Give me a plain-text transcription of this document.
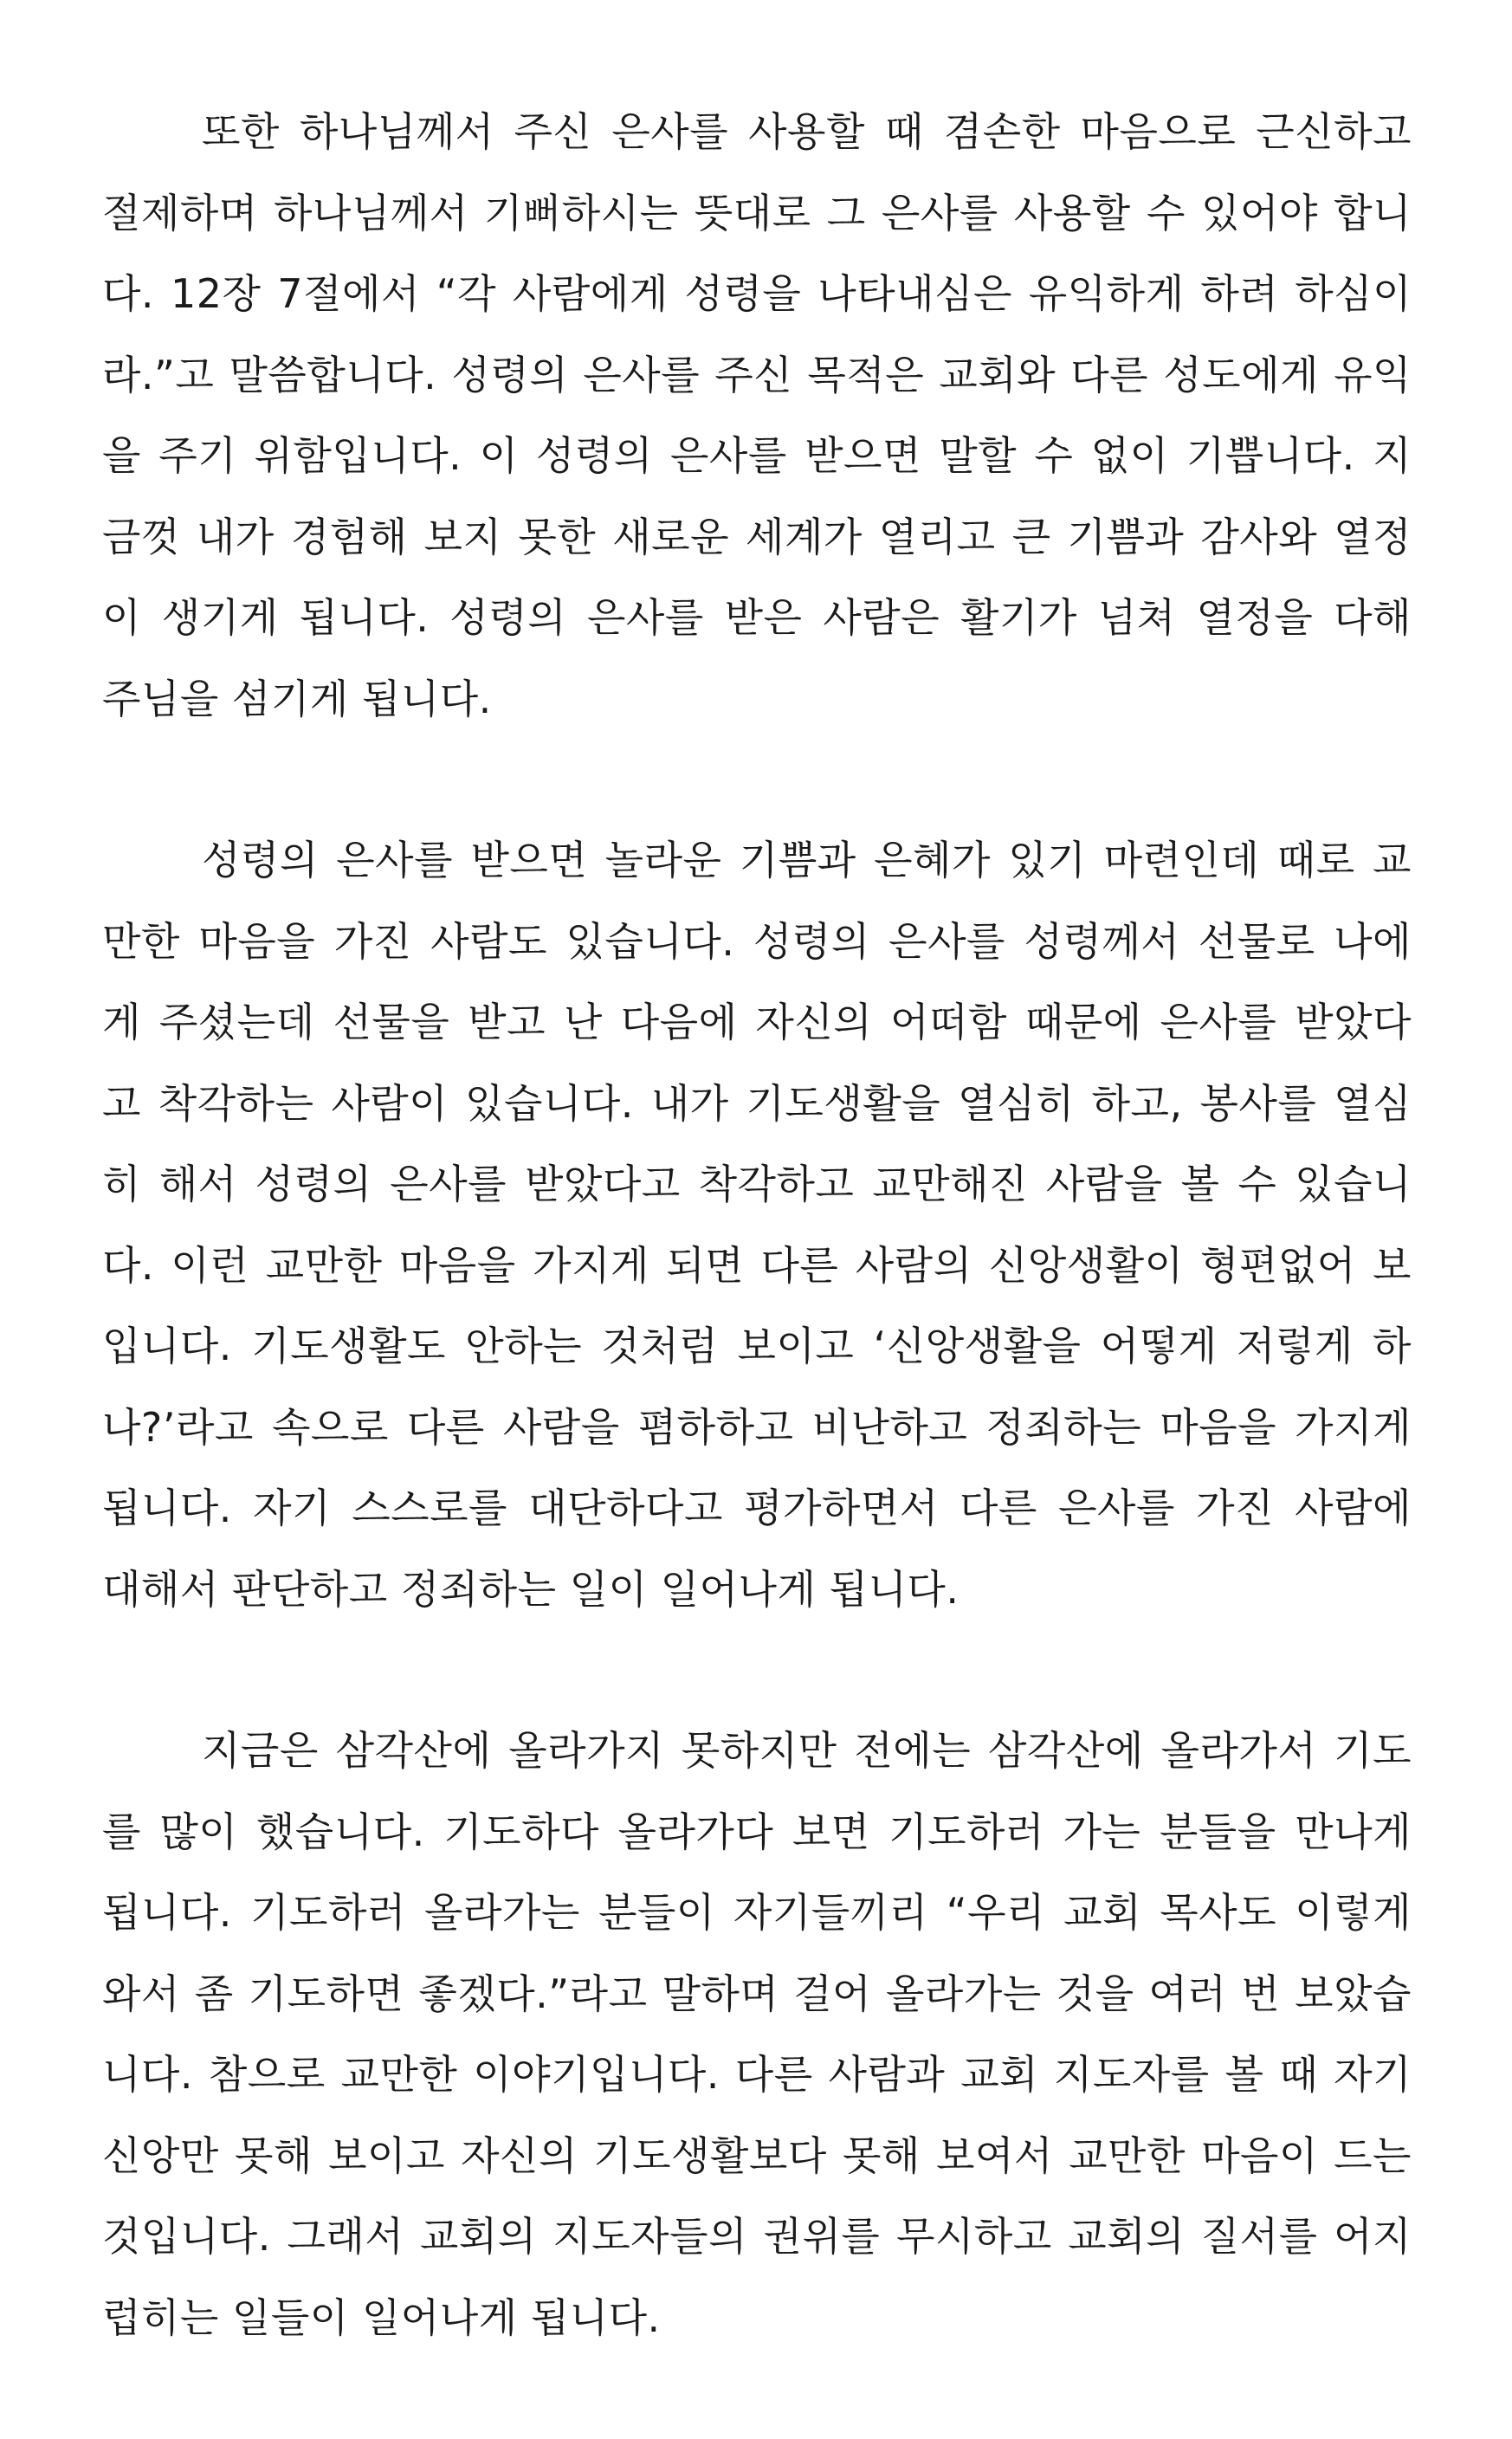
또한 하나님께서 주신 은사를 사용할 때 겸손한 마음으로 근신하고
절제하며 하나님께서 기뻐하시는 뜻대로 그 은사를 사용할 수 있어야 합니
다. 12장 7절에서 “각 사람에게 성령을 나타내심은 유익하게 하려 하심이
라.”고 말씀합니다. 성령의 은사를 주신 목적은 교회와 다른 성도에게 유익
을 주기 위함입니다. 이 성령의 은사를 받으면 말할 수 없이 기쁩니다. 지
금껏 내가 경험해 보지 못한 새로운 세계가 열리고 큰 기쁨과 감사와 열정
이 생기게 됩니다. 성령의 은사를 받은 사람은 활기가 넘쳐 열정을 다해
주님을 섬기게 됩니다.
성령의 은사를 받으면 놀라운 기쁨과 은혜가 있기 마련인데 때로 교
만한 마음을 가진 사람도 있습니다. 성령의 은사를 성령께서 선물로 나에
게 주셨는데 선물을 받고 난 다음에 자신의 어떠함 때문에 은사를 받았다
고 착각하는 사람이 있습니다. 내가 기도생활을 열심히 하고, 봉사를 열심
히 해서 성령의 은사를 받았다고 착각하고 교만해진 사람을 볼 수 있습니
다. 이런 교만한 마음을 가지게 되면 다른 사람의 신앙생활이 형편없어 보
입니다. 기도생활도 안하는 것처럼 보이고 ‘신앙생활을 어떻게 저렇게 하
나?’라고 속으로 다른 사람을 폄하하고 비난하고 정죄하는 마음을 가지게
됩니다. 자기 스스로를 대단하다고 평가하면서 다른 은사를 가진 사람에
대해서 판단하고 정죄하는 일이 일어나게 됩니다.
지금은 삼각산에 올라가지 못하지만 전에는 삼각산에 올라가서 기도
를 많이 했습니다. 기도하다 올라가다 보면 기도하러 가는 분들을 만나게
됩니다. 기도하러 올라가는 분들이 자기들끼리 “우리 교회 목사도 이렇게
와서 좀 기도하면 좋겠다.”라고 말하며 걸어 올라가는 것을 여러 번 보았습
니다. 참으로 교만한 이야기입니다. 다른 사람과 교회 지도자를 볼 때 자기
신앙만 못해 보이고 자신의 기도생활보다 못해 보여서 교만한 마음이 드는
것입니다. 그래서 교회의 지도자들의 권위를 무시하고 교회의 질서를 어지
럽히는 일들이 일어나게 됩니다.
